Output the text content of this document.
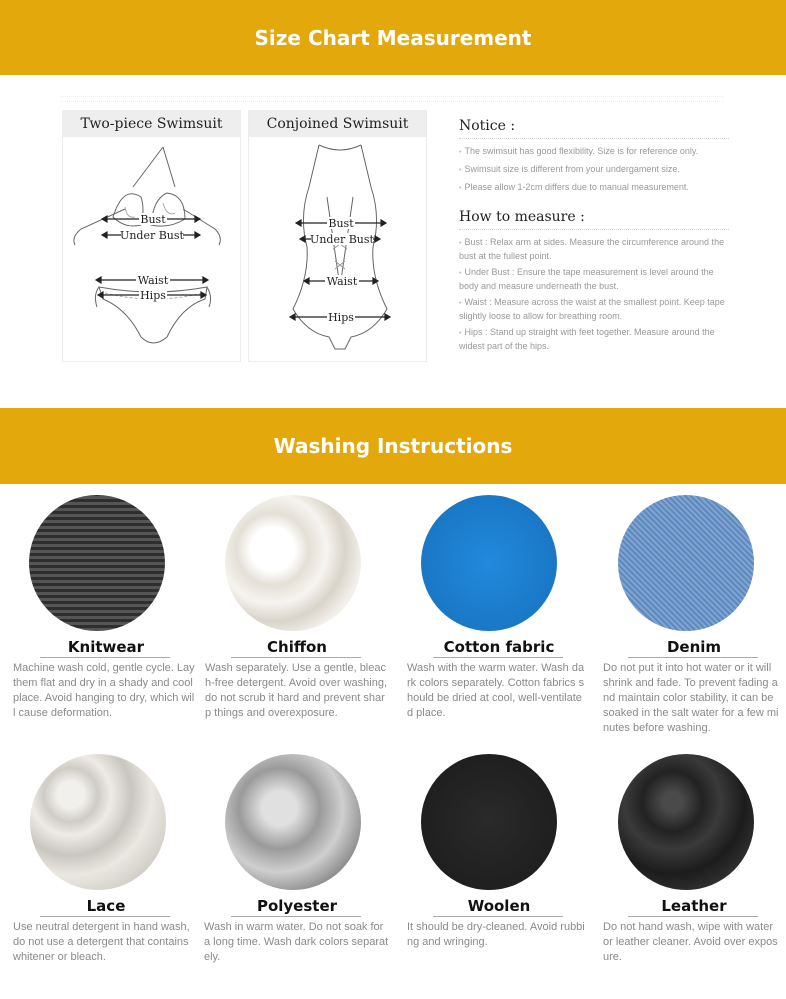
Size Chart Measurement
Two-piece Swimsuit
Bust
Under Bust
Waist
Hips
Conjoined Swimsuit
Bust
Under Bust
Waist
Hips
Notice :

• The swimsuit has good flexibility. Size is for reference only.

• Swimsuit size is different from your undergament size.

• Please allow 1-2cm differs due to manual measurement.

How to measure :

• Bust : Relax arm at sides. Measure the circumference around the bust at the fullest point.

• Under Bust : Ensure the tape measurement is level around the body and measure underneath the bust.

• Waist : Measure across the waist at the smallest point. Keep tape slightly loose to allow for breathing room.

• Hips : Stand up straight with feet together. Measure around the widest part of the hips.

Washing Instructions
Knitwear
Machine wash cold, gentle cycle. Lay them flat and dry in a shady and cool place. Avoid hanging to dry, which will cause deformation.
Chiffon
Wash separately. Use a gentle, bleach-free detergent. Avoid over washing, do not scrub it hard and prevent sharp things and overexposure.
Cotton fabric
Wash with the warm water. Wash dark colors separately. Cotton fabrics should be dried at cool, well-ventilated place.
Denim
Do not put it into hot water or it will shrink and fade. To prevent fading and maintain color stability, it can be soaked in the salt water for a few minutes before washing.
Lace
Use neutral detergent in hand wash, do not use a detergent that contains whitener or bleach.
Polyester
Wash in warm water. Do not soak for a long time. Wash dark colors separately.
Woolen
It should be dry-cleaned. Avoid rubbing and wringing.
Leather
Do not hand wash, wipe with water or leather cleaner. Avoid over exposure.
